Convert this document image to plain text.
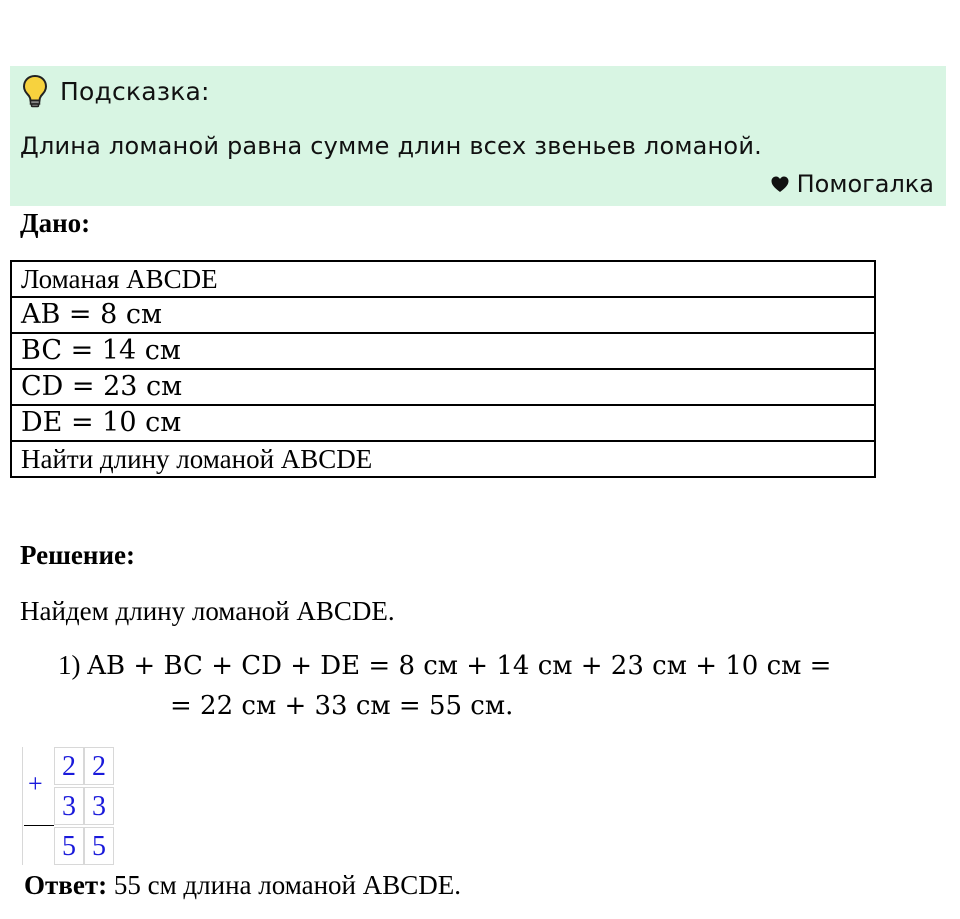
Подсказка:
Длина ломаной равна сумме длин всех звеньев ломаной.
Помогалка
Дано:
Ломаная ABCDE
AB = 8 см
BC = 14 см
CD = 23 см
DE = 10 см
Найти длину ломаной ABCDE
Решение:
Найдем длину ломаной ABCDE.
1) AB + BC + CD + DE = 8 см + 14 см + 23 см + 10 см =
= 22 см + 33 см = 55 см.
+
2 2
3 3
5 5
Ответ: 55 см длина ломаной ABCDE.
